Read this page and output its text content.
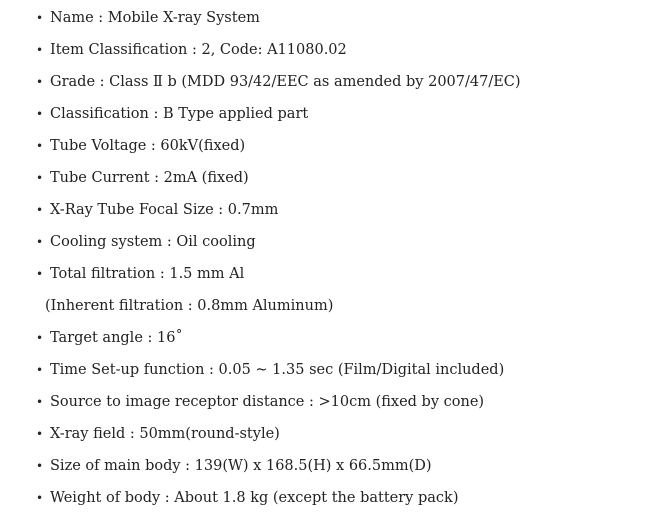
• Name : Mobile X-ray System
• Item Classification : 2, Code: A11080.02
• Grade : Class Ⅱ b (MDD 93/42/EEC as amended by 2007/47/EC)
• Classification : B Type applied part
• Tube Voltage : 60kV(fixed)
• Tube Current : 2mA (fixed)
• X-Ray Tube Focal Size : 0.7mm
• Cooling system : Oil cooling
• Total filtration : 1.5 mm Al
(Inherent filtration : 0.8mm Aluminum)
• Target angle : 16˚
• Time Set-up function : 0.05 ~ 1.35 sec (Film/Digital included)
• Source to image receptor distance : >10cm (fixed by cone)
• X-ray field : 50mm(round-style)
• Size of main body : 139(W) x 168.5(H) x 66.5mm(D)
• Weight of body : About 1.8 kg (except the battery pack)
